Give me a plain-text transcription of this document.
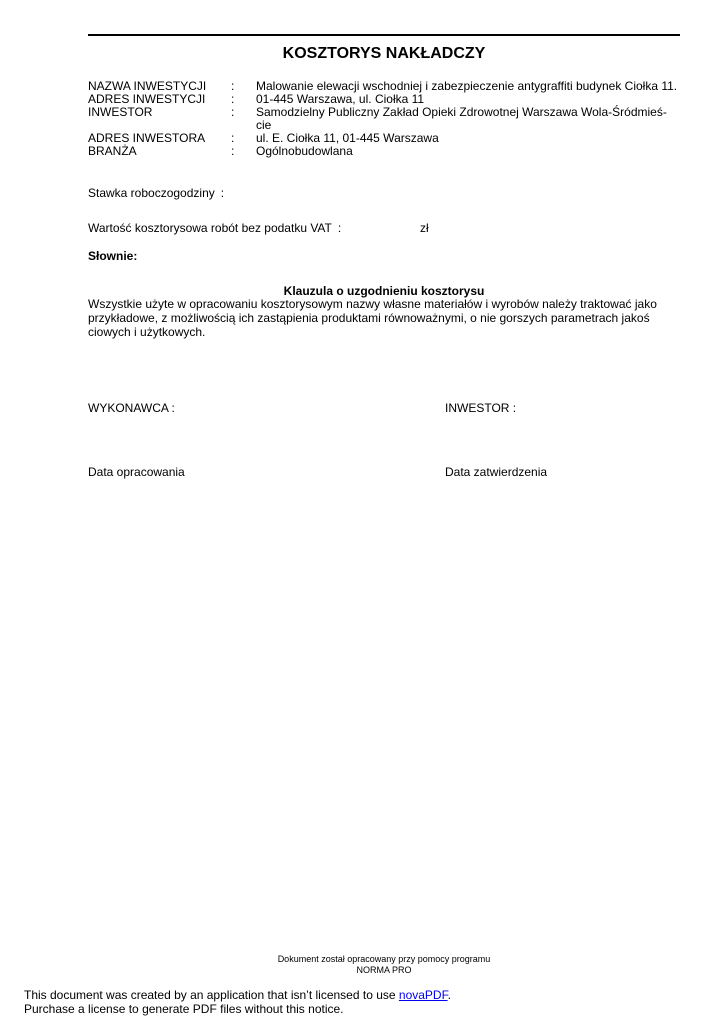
KOSZTORYS NAKŁADCZY
NAZWA INWESTYCJI	:	Malowanie elewacji wschodniej i zabezpieczenie antygraffiti budynek Ciołka 11.
ADRES INWESTYCJI	:	01-445 Warszawa, ul. Ciołka 11
INWESTOR	:	Samodzielny Publiczny Zakład Opieki Zdrowotnej Warszawa Wola-Śródmieś-cie
ADRES INWESTORA	:	ul. E. Ciołka 11, 01-445 Warszawa
BRANŻA	:	Ogólnobudowlana
Stawka roboczogodziny :
Wartość kosztorysowa robót bez podatku VAT :	zł
Słownie:
Klauzula o uzgodnieniu kosztorysu
Wszystkie użyte w opracowaniu kosztorysowym nazwy własne materiałów i wyrobów należy traktować jako przykładowe, z możliwością ich zastąpienia produktami równoważnymi, o nie gorszych parametrach jakoś ciowych i użytkowych.
WYKONAWCA :	INWESTOR :
Data opracowania	Data zatwierdzenia
Dokument został opracowany przy pomocy programu
NORMA PRO
This document was created by an application that isn’t licensed to use novaPDF.
Purchase a license to generate PDF files without this notice.
